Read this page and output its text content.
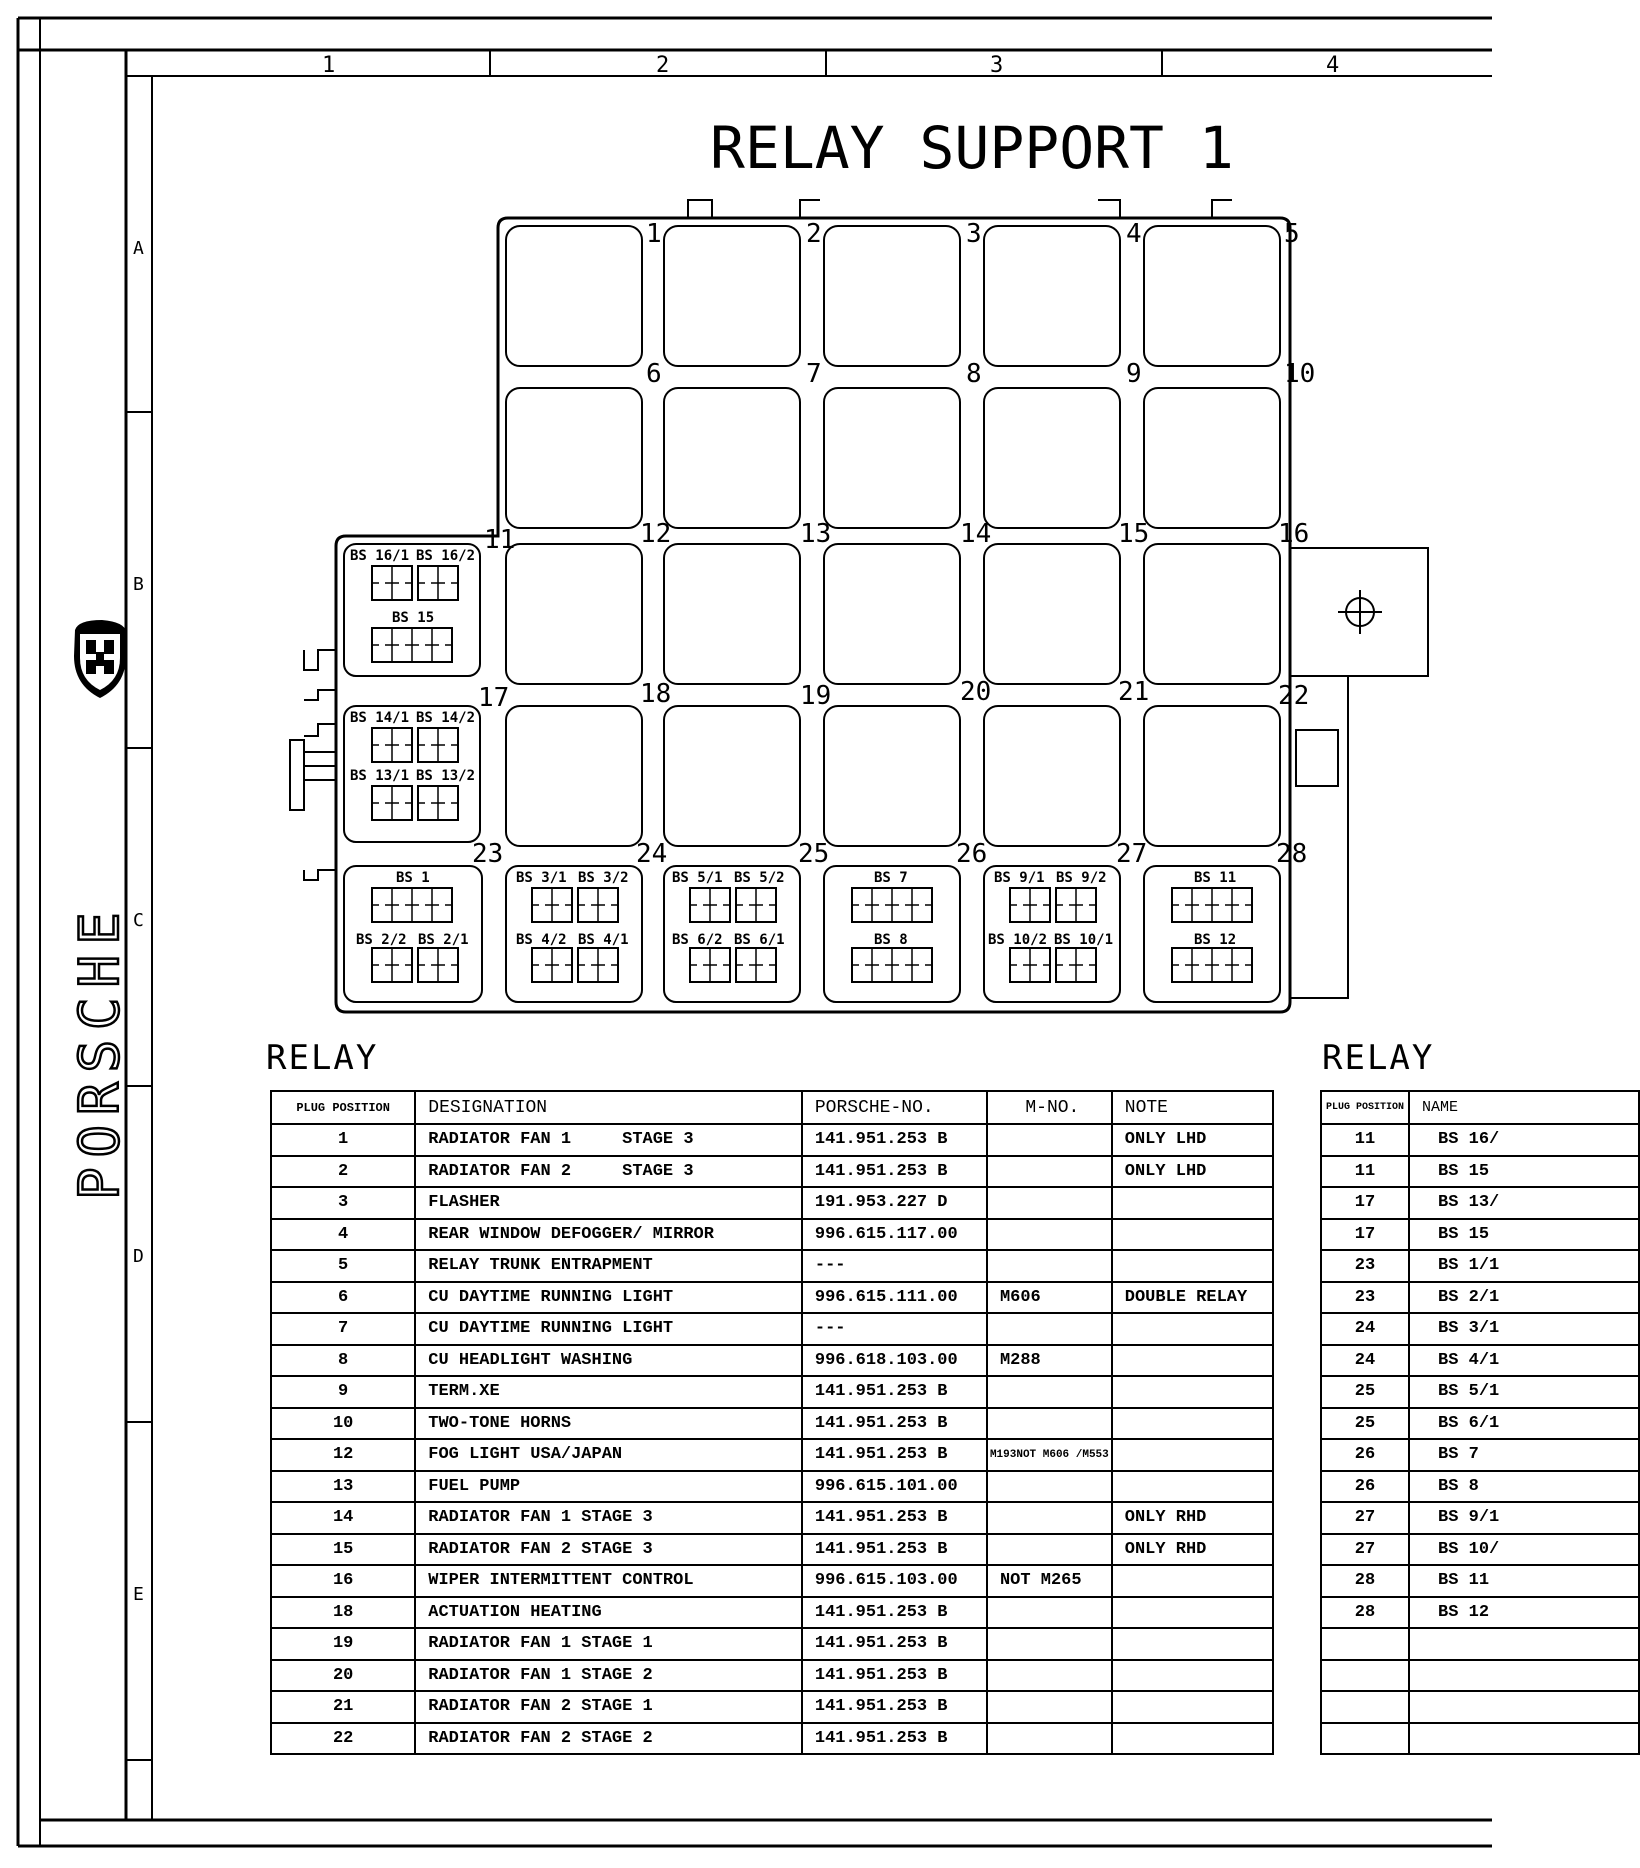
1	2	3	4
A
B
C
D
E
PORSCHE
RELAY SUPPORT 1
1	2	3	4	5
6	7	8	9	10
11	12	13	14	15	16
17	18	19	20	21	22
23	24	25	26	27	28
BS 16/1 BS 16/2
BS 15
BS 14/1 BS 14/2
BS 13/1 BS 13/2
BS 1
BS 2/2 BS 2/1
BS 3/1 BS 3/2
BS 4/2 BS 4/1
BS 5/1 BS 5/2
BS 6/2 BS 6/1
BS 7
BS 8
BS 9/1 BS 9/2
BS 10/2 BS 10/1
BS 11
BS 12
RELAY
PLUG POSITION	DESIGNATION	PORSCHE-NO.	M-NO.	NOTE
1	RADIATOR FAN 1     STAGE 3	141.951.253 B		ONLY LHD
2	RADIATOR FAN 2     STAGE 3	141.951.253 B		ONLY LHD
3	FLASHER	191.953.227 D		
4	REAR WINDOW DEFOGGER/ MIRROR	996.615.117.00		
5	RELAY TRUNK ENTRAPMENT	---		
6	CU DAYTIME RUNNING LIGHT	996.615.111.00	M606	DOUBLE RELAY
7	CU DAYTIME RUNNING LIGHT	---		
8	CU HEADLIGHT WASHING	996.618.103.00	M288	
9	TERM.XE	141.951.253 B		
10	TWO-TONE HORNS	141.951.253 B		
12	FOG LIGHT USA/JAPAN	141.951.253 B	M193NOT M606 /M553	
13	FUEL PUMP	996.615.101.00		
14	RADIATOR FAN 1 STAGE 3	141.951.253 B		ONLY RHD
15	RADIATOR FAN 2 STAGE 3	141.951.253 B		ONLY RHD
16	WIPER INTERMITTENT CONTROL	996.615.103.00	NOT M265	
18	ACTUATION HEATING	141.951.253 B		
19	RADIATOR FAN 1 STAGE 1	141.951.253 B		
20	RADIATOR FAN 1 STAGE 2	141.951.253 B		
21	RADIATOR FAN 2 STAGE 1	141.951.253 B		
22	RADIATOR FAN 2 STAGE 2	141.951.253 B		
RELAY
PLUG POSITION	NAME
11	BS 16/
11	BS 15
17	BS 13/
17	BS 15
23	BS 1/1
23	BS 2/1
24	BS 3/1
24	BS 4/1
25	BS 5/1
25	BS 6/1
26	BS 7
26	BS 8
27	BS 9/1
27	BS 10/
28	BS 11
28	BS 12
